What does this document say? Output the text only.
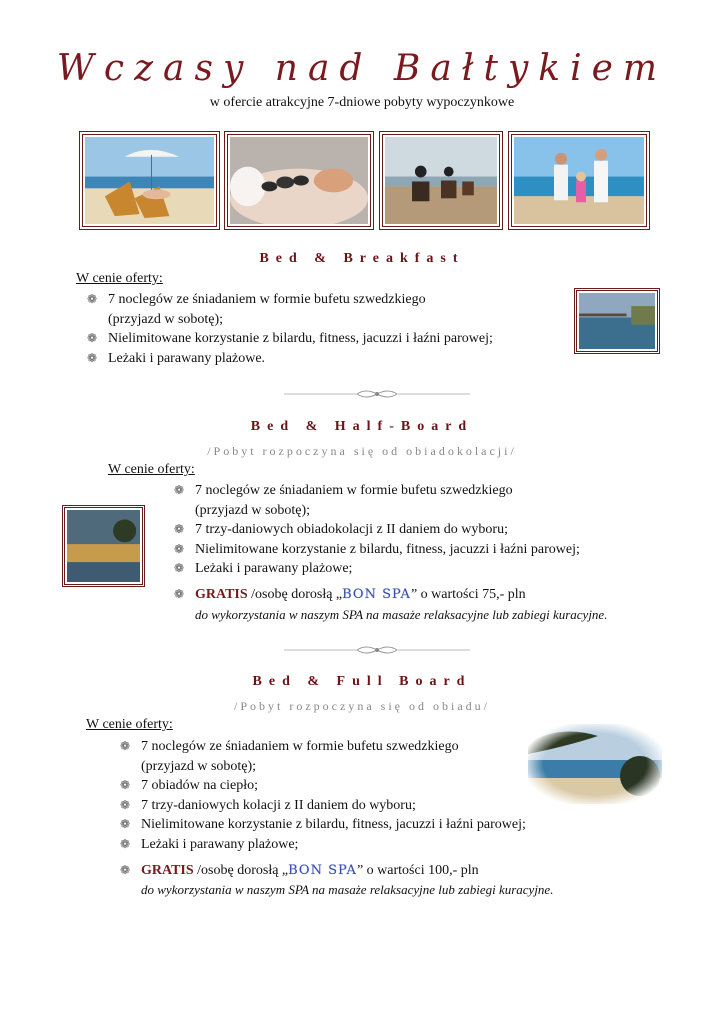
Wczasy nad Bałtykiem
w ofercie atrakcyjne 7-dniowe pobyty wypoczynkowe
Bed & Breakfast
W cenie oferty:
❁ 7 noclegów ze śniadaniem w formie bufetu szwedzkiego
(przyjazd w sobotę);
❁ Nielimitowane korzystanie z bilardu, fitness, jacuzzi i łaźni parowej;
❁ Leżaki i parawany plażowe.
Bed & Half-Board
/Pobyt rozpoczyna się od obiadokolacji/
W cenie oferty:
❁ 7 noclegów ze śniadaniem w formie bufetu szwedzkiego
(przyjazd w sobotę);
❁ 7 trzy-daniowych obiadokolacji z II daniem do wyboru;
❁ Nielimitowane korzystanie z bilardu, fitness, jacuzzi i łaźni parowej;
❁ Leżaki i parawany plażowe;
❁ GRATIS /osobę dorosłą „BON SPA” o wartości 75,- pln
do wykorzystania w naszym SPA na masaże relaksacyjne lub zabiegi kuracyjne.
Bed & Full Board
/Pobyt rozpoczyna się od obiadu/
W cenie oferty:
❁ 7 noclegów ze śniadaniem w formie bufetu szwedzkiego
(przyjazd w sobotę);
❁ 7 obiadów na ciepło;
❁ 7 trzy-daniowych kolacji z II daniem do wyboru;
❁ Nielimitowane korzystanie z bilardu, fitness, jacuzzi i łaźni parowej;
❁ Leżaki i parawany plażowe;
❁ GRATIS /osobę dorosłą „BON SPA” o wartości 100,- pln
do wykorzystania w naszym SPA na masaże relaksacyjne lub zabiegi kuracyjne.
